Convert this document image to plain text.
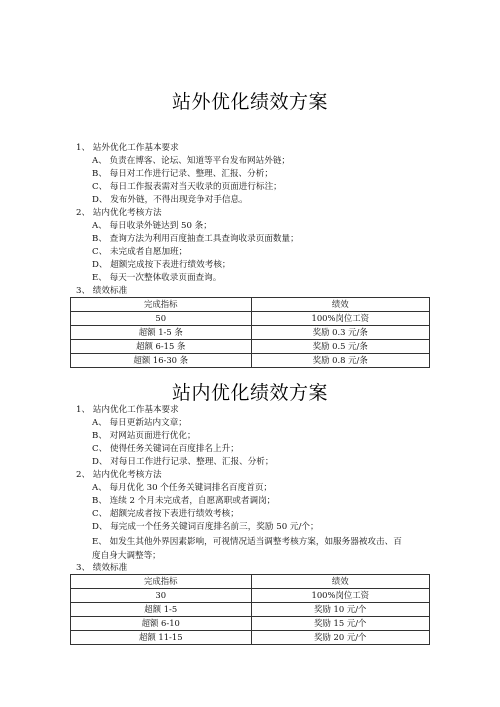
站外优化绩效方案
1、 站外优化工作基本要求
A、 负责在博客、论坛、知道等平台发布网站外链；
B、 每日对工作进行记录、整理、汇报、分析；
C、 每日工作报表需对当天收录的页面进行标注；
D、 发布外链，不得出现竞争对手信息。
2、 站内优化考核方法
A、 每日收录外链达到 50 条；
B、 查询方法为利用百度抽查工具查询收录页面数量；
C、 未完成者自愿加班；
D、 超额完成按下表进行绩效考核；
E、 每天一次整体收录页面查询。
3、 绩效标准
完成指标	绩效
50	100%岗位工资
超额 1-5 条	奖励 0.3 元/条
超额 6-15 条	奖励 0.5 元/条
超额 16-30 条	奖励 0.8 元/条
站内优化绩效方案
1、 站内优化工作基本要求
A、 每日更新站内文章；
B、 对网站页面进行优化；
C、 使得任务关键词在百度排名上升；
D、 对每日工作进行记录、整理、汇报、分析；
2、 站内优化考核方法
A、 每月优化 30 个任务关键词排名百度首页；
B、 连续 2 个月未完成者，自愿离职或者调岗；
C、 超额完成者按下表进行绩效考核；
D、 每完成一个任务关键词百度排名前三，奖励 50 元/个；
E、 如发生其他外界因素影响，可视情况适当调整考核方案，如服务器被攻击、百度自身大调整等；
3、 绩效标准
完成指标	绩效
30	100%岗位工资
超额 1-5	奖励 10 元/个
超额 6-10	奖励 15 元/个
超额 11-15	奖励 20 元/个
